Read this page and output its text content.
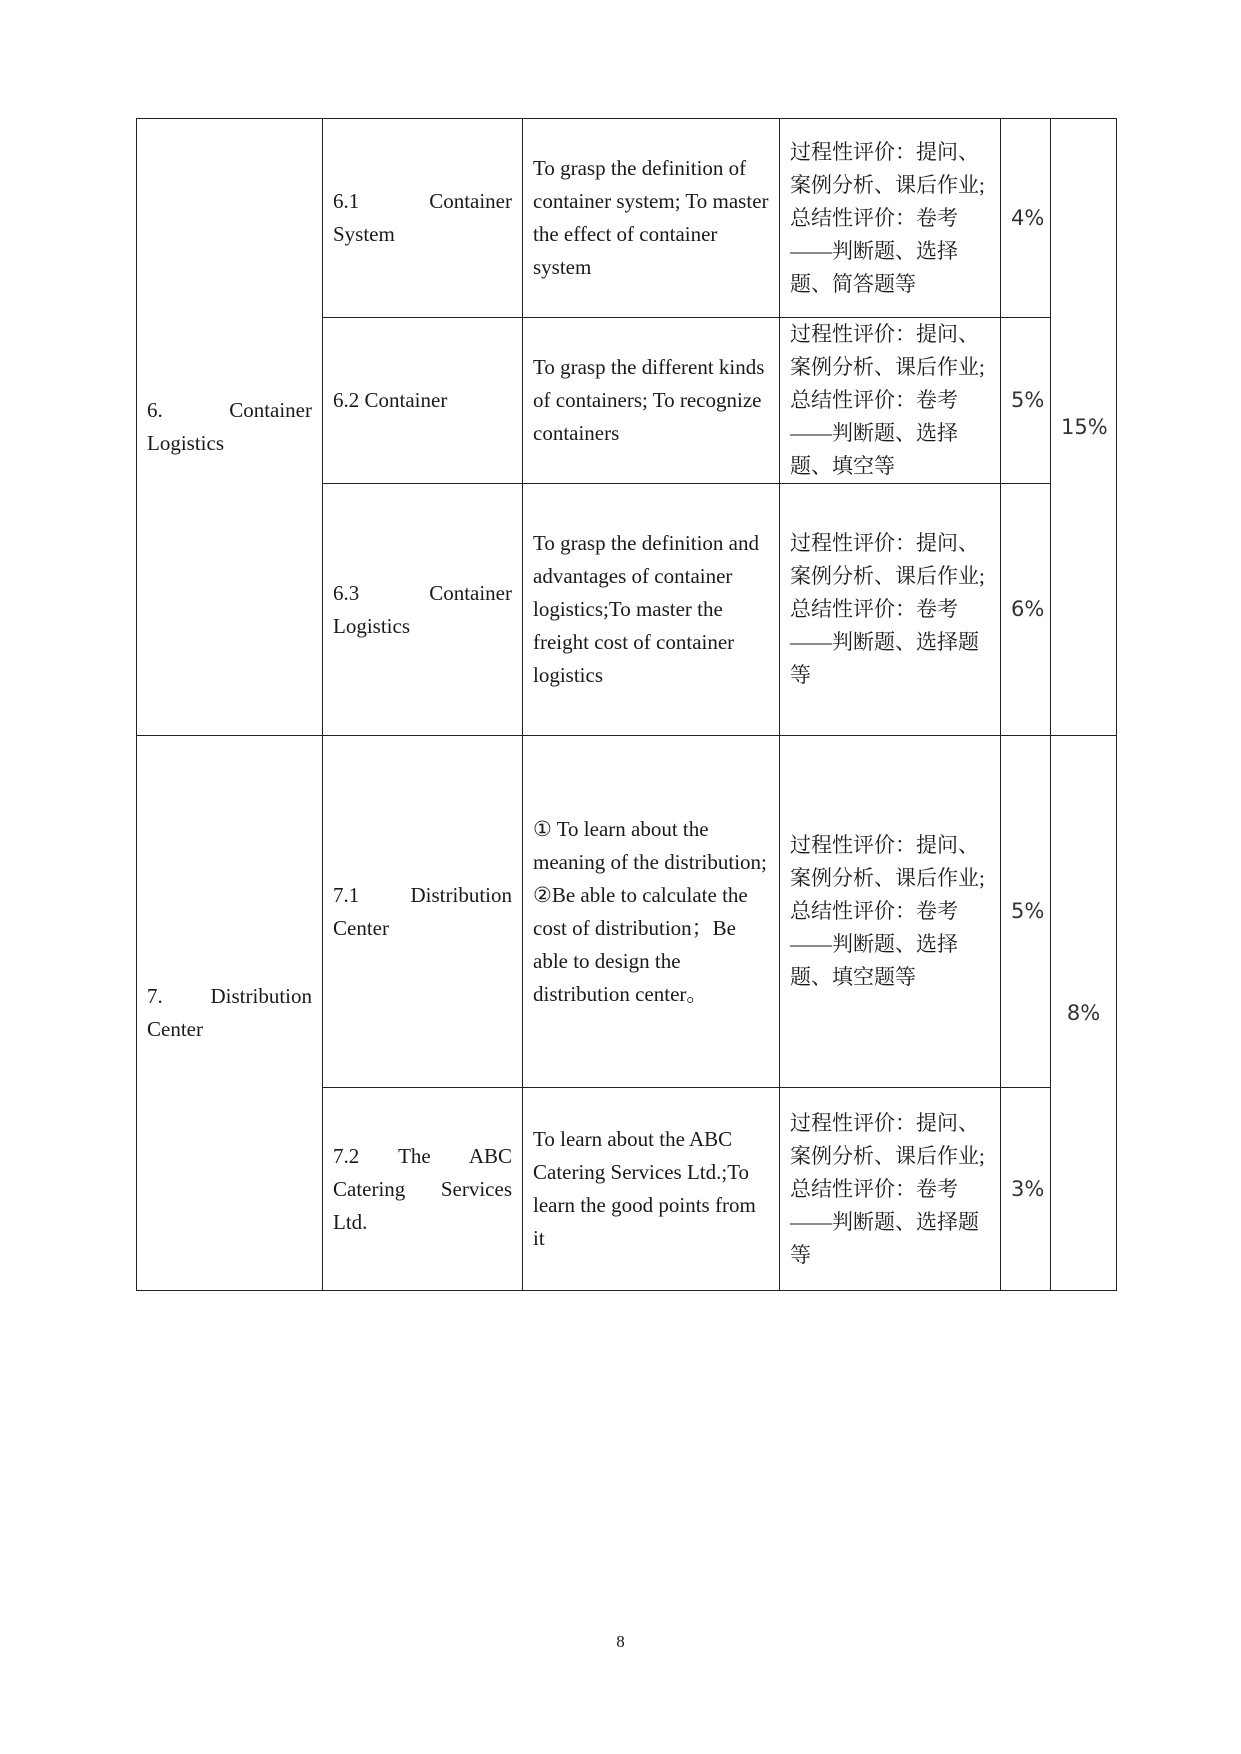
6. Container Logistics	6.1 Container System	To grasp the definition of container system; To master the effect of container system	过程性评价：提问、案例分析、课后作业;总结性评价：卷考——判断题、选择题、简答题等	4%	15%
	6.2 Container	To grasp the different kinds of containers; To recognize containers	过程性评价：提问、案例分析、课后作业;总结性评价：卷考——判断题、选择题、填空等	5%	
	6.3 Container Logistics	To grasp the definition and advantages of container logistics;To master the freight cost of container logistics	过程性评价：提问、案例分析、课后作业;总结性评价：卷考——判断题、选择题等	6%	
7. Distribution Center	7.1 Distribution Center	① To learn about the meaning of the distribution; ②Be able to calculate the cost of distribution；Be able to design the distribution center。	过程性评价：提问、案例分析、课后作业;总结性评价：卷考——判断题、选择题、填空题等	5%	8%
	7.2 The ABC Catering Services Ltd.	To learn about the ABC Catering Services Ltd.;To learn the good points from it	过程性评价：提问、案例分析、课后作业;总结性评价：卷考——判断题、选择题等	3%	
8
